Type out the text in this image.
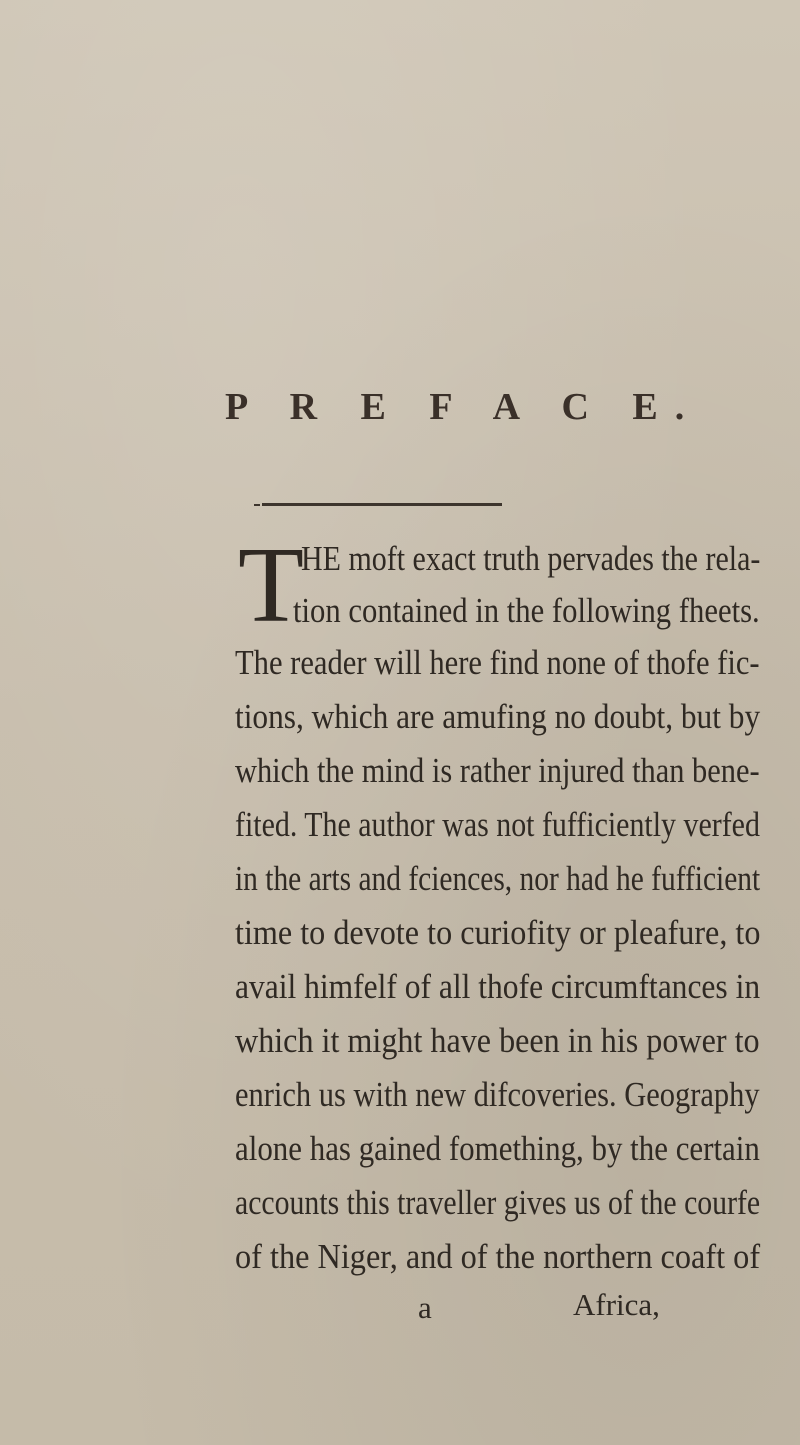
P R E F A C E.
T
HE moft exact truth pervades the rela-
tion contained in the following fheets.
The reader will here find none of thofe fic-
tions, which are amufing no doubt, but by
which the mind is rather injured than bene-
fited. The author was not fufficiently verfed
in the arts and fciences, nor had he fufficient
time to devote to curiofity or pleafure, to
avail himfelf of all thofe circumftances in
which it might have been in his power to
enrich us with new difcoveries. Geography
alone has gained fomething, by the certain
accounts this traveller gives us of the courfe
of the Niger, and of the northern coaft of
a	Africa,
